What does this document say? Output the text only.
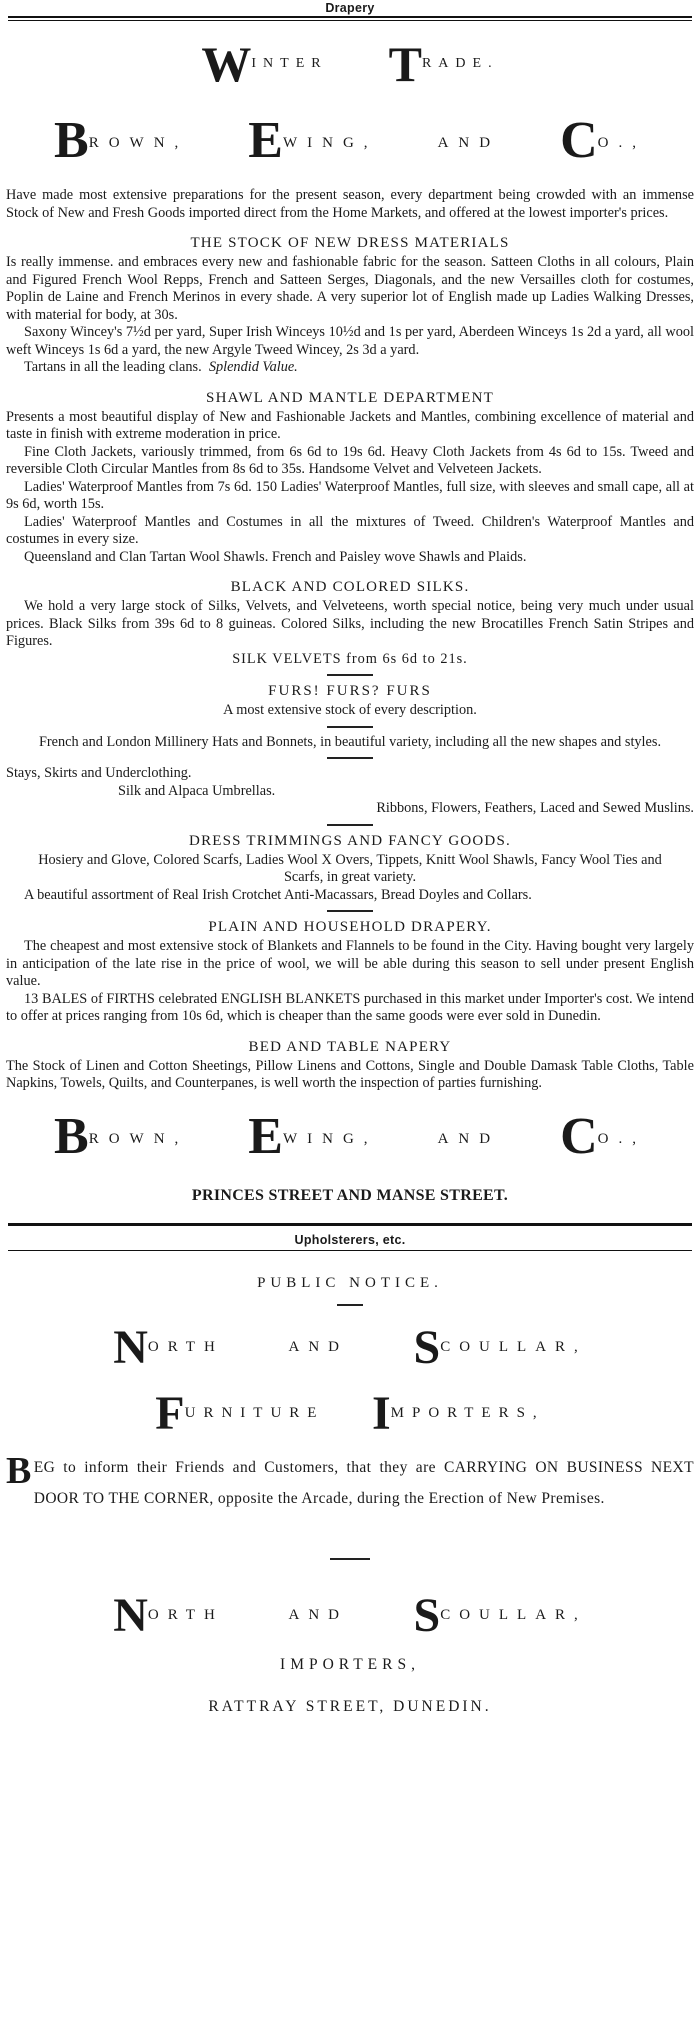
Drapery
WINTER TRADE.
BROWN, EWING,	AND CO.,

Have made most extensive preparations for the present season, every department being crowded with an immense Stock of New and Fresh Goods imported direct from the Home Markets, and offered at the lowest importer's prices.

THE STOCK OF NEW DRESS MATERIALS

Is really immense. and embraces every new and fashionable fabric for the season. Satteen Cloths in all colours, Plain and Figured French Wool Repps, French and Satteen Serges, Diagonals, and the new Versailles cloth for costumes, Poplin de Laine and French Merinos in every shade. A very superior lot of English made up Ladies Walking Dresses, with material for body, at 30s.

Saxony Wincey's 7½d per yard, Super Irish Winceys 10½d and 1s per yard, Aberdeen Winceys 1s 2d a yard, all wool weft Winceys 1s 6d a yard, the new Argyle Tweed Wincey, 2s 3d a yard.

Tartans in all the leading clans. Splendid Value.

SHAWL AND MANTLE DEPARTMENT

Presents a most beautiful display of New and Fashionable Jackets and Mantles, combining excellence of material and taste in finish with extreme moderation in price.

Fine Cloth Jackets, variously trimmed, from 6s 6d to 19s 6d. Heavy Cloth Jackets from 4s 6d to 15s. Tweed and reversible Cloth Circular Mantles from 8s 6d to 35s. Handsome Velvet and Velveteen Jackets.

Ladies' Waterproof Mantles from 7s 6d. 150 Ladies' Waterproof Mantles, full size, with sleeves and small cape, all at 9s 6d, worth 15s.

Ladies' Waterproof Mantles and Costumes in all the mixtures of Tweed. Children's Waterproof Mantles and costumes in every size.

Queensland and Clan Tartan Wool Shawls. French and Paisley wove Shawls and Plaids.

BLACK AND COLORED SILKS.

We hold a very large stock of Silks, Velvets, and Velveteens, worth special notice, being very much under usual prices. Black Silks from 39s 6d to 8 guineas. Colored Silks, including the new Brocatilles French Satin Stripes and Figures.

SILK VELVETS from 6s 6d to 21s.

FURS! FURS? FURS

A most extensive stock of every description.

French and London Millinery Hats and Bonnets, in beautiful variety, including all the new shapes and styles.

Stays, Skirts and Underclothing.

Silk and Alpaca Umbrellas.

Ribbons, Flowers, Feathers, Laced and Sewed Muslins.

DRESS TRIMMINGS AND FANCY GOODS.

Hosiery and Glove, Colored Scarfs, Ladies Wool X Overs, Tippets, Knitt Wool Shawls, Fancy Wool Ties and Scarfs, in great variety.

A beautiful assortment of Real Irish Crotchet Anti-Macassars, Bread Doyles and Collars.

PLAIN AND HOUSEHOLD DRAPERY.

The cheapest and most extensive stock of Blankets and Flannels to be found in the City. Having bought very largely in anticipation of the late rise in the price of wool, we will be able during this season to sell under present English value.

13 BALES of FIRTHS celebrated ENGLISH BLANKETS purchased in this market under Importer's cost. We intend to offer at prices ranging from 10s 6d, which is cheaper than the same goods were ever sold in Dunedin.

BED AND TABLE NAPERY

The Stock of Linen and Cotton Sheetings, Pillow Linens and Cottons, Single and Double Damask Table Cloths, Table Napkins, Towels, Quilts, and Counterpanes, is well worth the inspection of parties furnishing.

BROWN, EWING,	AND CO.,
PRINCES STREET AND MANSE STREET.
Upholsterers, etc.
PUBLIC NOTICE.
NORTH	AND SCOULLAR,
FURNITURE IMPORTERS,
BEG to inform their Friends and Customers, that they are CARRYING ON BUSINESS NEXT DOOR TO THE CORNER, opposite the Arcade, during the Erection of New Premises.
NORTH	AND SCOULLAR,
IMPORTERS,
RATTRAY STREET, DUNEDIN.
